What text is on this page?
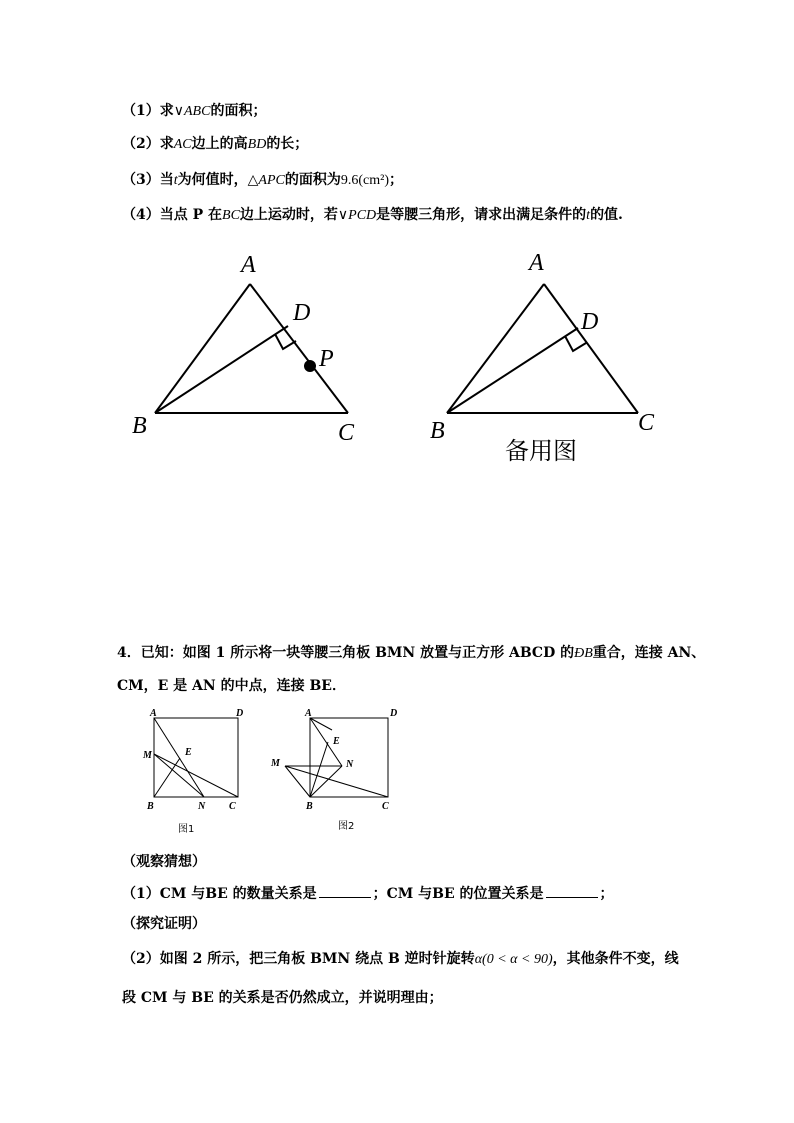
（1）求∨ABC的面积；
（2）求AC边上的高BD的长；
（3）当t为何值时，△APC的面积为9.6(cm²)；
（4）当点 P 在BC边上运动时，若∨PCD是等腰三角形，请求出满足条件的t的值.
A
B	C
D
P
A
B	C
D
备用图
4．已知：如图 1 所示将一块等腰三角板 BMN 放置与正方形 ABCD 的ÐB重合，连接 AN、
CM，E 是 AN 的中点，连接 BE．
A	D
M	E
B	N C
图1
A	D
M
E
N
B	C
图2
（观察猜想）
（1）CM 与BE 的数量关系是	；CM 与BE 的位置关系是	；
（探究证明）
（2）如图 2 所示，把三角板 BMN 绕点 B 逆时针旋转α(0 < α < 90)，其他条件不变，线
段 CM 与 BE 的关系是否仍然成立，并说明理由；
